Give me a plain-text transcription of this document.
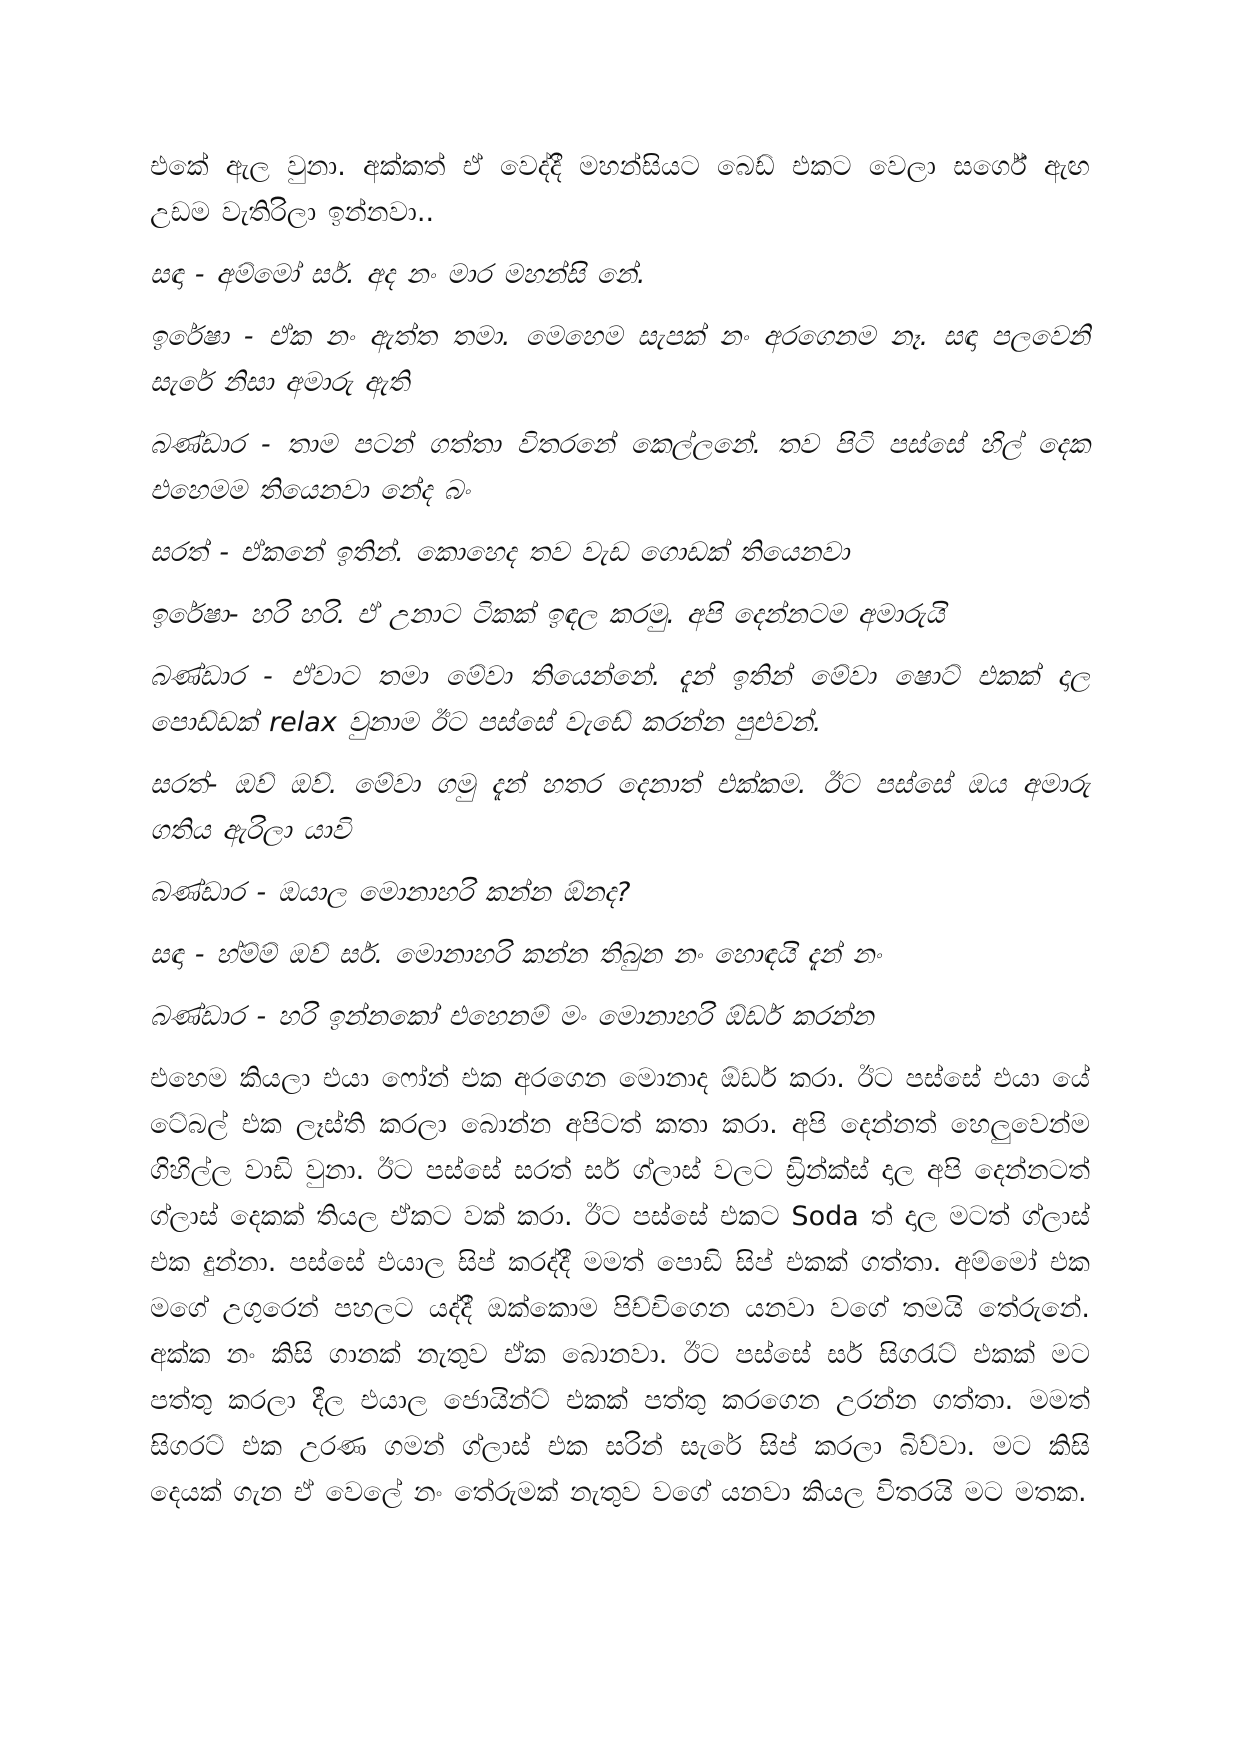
එකේ ඇල වුනා. අක්කත් ඒ වෙද්දී මහන්සියට බෙඩ් එකට වෙලා සර්ගේ ඇඟ උඩම වැතිරිලා ඉන්නවා..

සඳා - අම්මෝ සර්. අද නං මාර මහන්සි නේ.

ඉරේෂා - ඒක නං ඇත්ත තමා. මෙහෙම සැපක් නං අරගෙනම නෑ. සඳා පලවෙනි සැරේ නිසා අමාරු ඇති

බණ්ඩාර - තාම පටන් ගත්තා විතරනේ කෙල්ලනේ. තව පිටි පස්සේ හිල් දෙක එහෙමම තියෙනවා නේද බං

සරත් - ඒකනේ ඉතින්. කොහෙද තව වැඩ ගොඩක් තියෙනවා

ඉරේෂා- හරි හරි. ඒ උනාට ටිකක් ඉඳල කරමු. අපි දෙන්නටම අමාරුයි

බණ්ඩාර - ඒවාට තමා මේවා තියෙන්නේ. දැන් ඉතින් මේවා ෂොට් එකක් දාල පොඩ්ඩක් relax වුනාම ඊට පස්සේ වැඩේ කරන්න පුළුවන්.

සරත්- ඔව් ඔව්. මේවා ගමු දැන් හතර දෙනාත් එක්කම. ඊට පස්සේ ඔය අමාරු ගතිය ඇරිලා යාවි

බණ්ඩාර - ඔයාල මොනාහරි කන්න ඕනද?

සඳා - හ්ම්ම් ඔව් සර්. මොනාහරි කන්න තිබුන නං හොඳයි දැන් නං

බණ්ඩාර - හරි ඉන්නකෝ එහෙනම් මං මොනාහරි ඕඩර් කරන්න

එහෙම කියලා එයා ෆෝන් එක අරගෙන මොනාද ඕඩර් කරා. ඊට පස්සේ එයා යේ ටේබල් එක ලෑස්ති කරලා බොන්න අපිටත් කතා කරා. අපි දෙන්නත් හෙලුවෙන්ම ගිහිල්ල වාඩි වුනා. ඊට පස්සේ සරත් සර් ග්ලාස් වලට ඩ්‍රින්ක්ස් දාල අපි දෙන්නටත් ග්ලාස් දෙකක් තියල ඒකට වක් කරා. ඊට පස්සේ එකට Soda ත් දාල මටත් ග්ලාස් එක දුන්නා. පස්සේ එයාල සිප් කරද්දී මමත් පොඩි සිප් එකක් ගත්තා. අම්මෝ එක මගේ උගුරෙන් පහලට යද්දී ඔක්කොම පිච්චිගෙන යනවා වගේ තමයි තේරුනේ. අක්ක නං කිසි ගානක් නැතුව ඒක බොනවා. ඊට පස්සේ සර් සිගරැට් එකක් මට පත්තු කරලා දීල එයාල ජොයින්ට් එකක් පත්තු කරගෙන උරන්න ගත්තා. මමත් සිගරට් එක උරණ ගමන් ග්ලාස් එක සරින් සැරේ සිප් කරලා බිව්වා. මට කිසි දෙයක් ගැන ඒ වෙලේ නං තේරුමක් නැතුව වගේ යනවා කියල විතරයි මට මතක.
